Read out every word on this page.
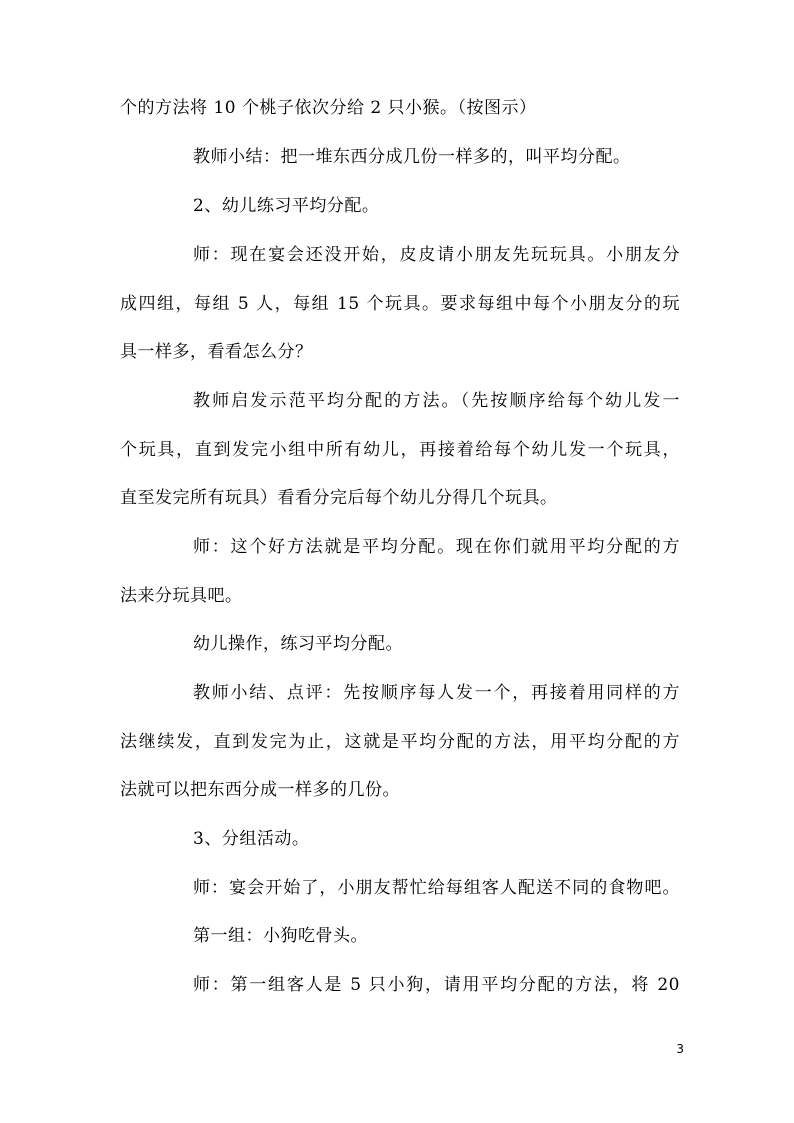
个的方法将 10 个桃子依次分给 2 只小猴。（按图示）
教师小结：把一堆东西分成几份一样多的，叫平均分配。
2、幼儿练习平均分配。
师：现在宴会还没开始，皮皮请小朋友先玩玩具。小朋友分
成四组，每组 5 人，每组 15 个玩具。要求每组中每个小朋友分的玩
具一样多，看看怎么分？
教师启发示范平均分配的方法。（先按顺序给每个幼儿发一
个玩具，直到发完小组中所有幼儿，再接着给每个幼儿发一个玩具，
直至发完所有玩具）看看分完后每个幼儿分得几个玩具。
师：这个好方法就是平均分配。现在你们就用平均分配的方
法来分玩具吧。
幼儿操作，练习平均分配。
教师小结、点评：先按顺序每人发一个，再接着用同样的方
法继续发，直到发完为止，这就是平均分配的方法，用平均分配的方
法就可以把东西分成一样多的几份。
3、分组活动。
师：宴会开始了，小朋友帮忙给每组客人配送不同的食物吧。
第一组：小狗吃骨头。
师：第一组客人是 5 只小狗，请用平均分配的方法，将 20
3
